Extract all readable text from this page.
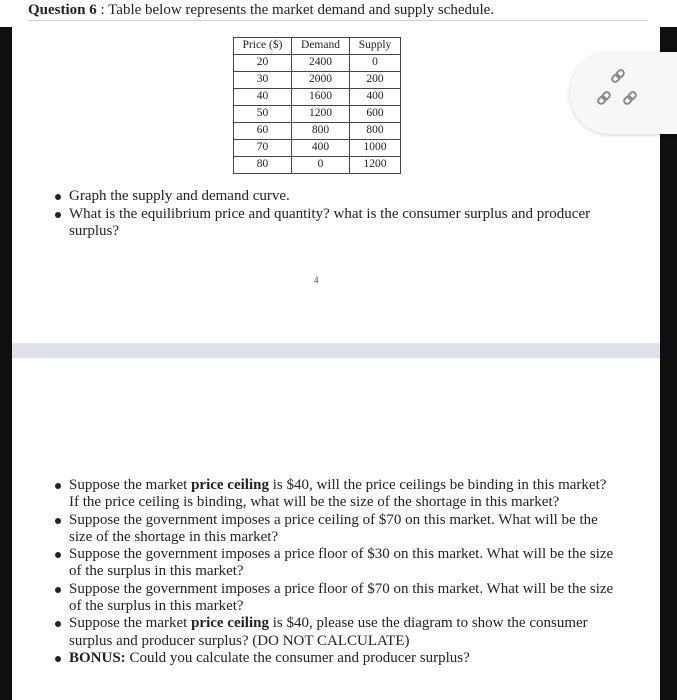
Question 6 : Table below represents the market demand and supply schedule.
Price ($)	Demand	Supply
20	2400	0
30	2000	200
40	1600	400
50	1200	600
60	800	800
70	400	1000
80	0	1200
Graph the supply and demand curve.
What is the equilibrium price and quantity? what is the consumer surplus and producer surplus?
4
Suppose the market price ceiling is $40, will the price ceilings be binding in this market? If the price ceiling is binding, what will be the size of the shortage in this market?
Suppose the government imposes a price ceiling of $70 on this market. What will be the size of the shortage in this market?
Suppose the government imposes a price floor of $30 on this market. What will be the size of the surplus in this market?
Suppose the government imposes a price floor of $70 on this market. What will be the size of the surplus in this market?
Suppose the market price ceiling is $40, please use the diagram to show the consumer surplus and producer surplus? (DO NOT CALCULATE)
BONUS: Could you calculate the consumer and producer surplus?
